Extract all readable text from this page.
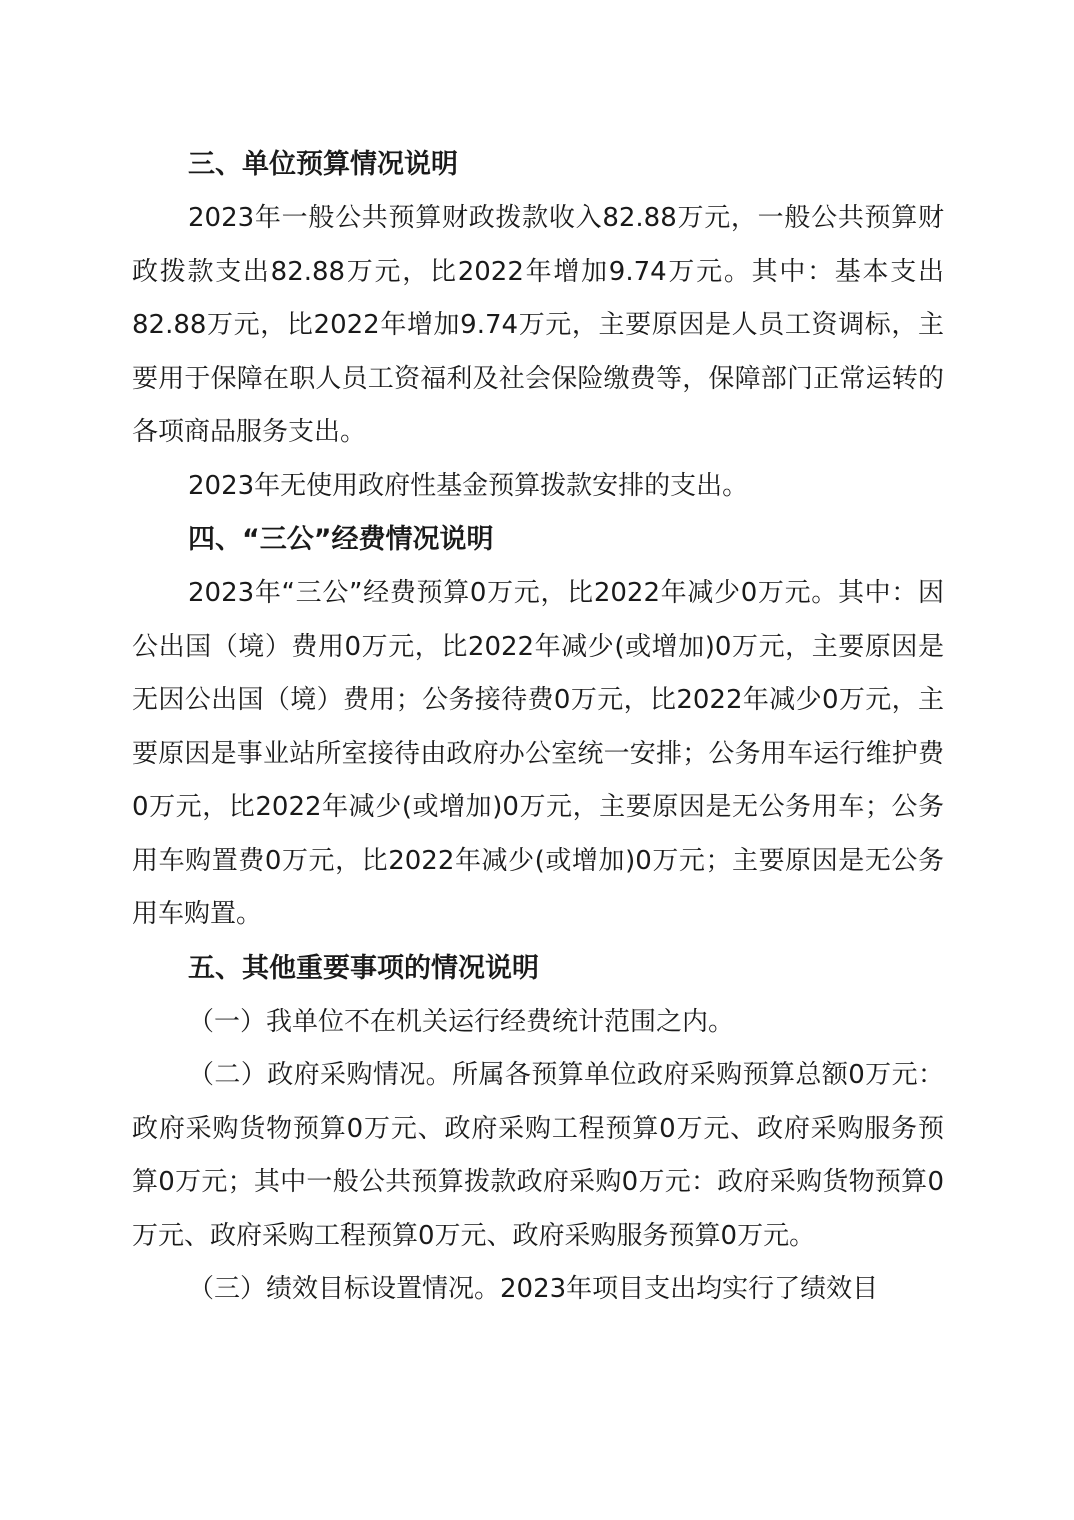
三、单位预算情况说明

2023年一般公共预算财政拨款收入82.88万元，一般公共预算财政拨款支出82.88万元，比2022年增加9.74万元。其中：基本支出82.88万元，比2022年增加9.74万元，主要原因是人员工资调标，主要用于保障在职人员工资福利及社会保险缴费等，保障部门正常运转的各项商品服务支出。

2023年无使用政府性基金预算拨款安排的支出。

四、“三公”经费情况说明

2023年“三公”经费预算0万元，比2022年减少0万元。其中：因公出国（境）费用0万元，比2022年减少(或增加)0万元，主要原因是无因公出国（境）费用；公务接待费0万元，比2022年减少0万元，主要原因是事业站所室接待由政府办公室统一安排；公务用车运行维护费0万元，比2022年减少(或增加)0万元，主要原因是无公务用车；公务用车购置费0万元，比2022年减少(或增加)0万元；主要原因是无公务用车购置。

五、其他重要事项的情况说明

（一）我单位不在机关运行经费统计范围之内。

（二）政府采购情况。所属各预算单位政府采购预算总额0万元：政府采购货物预算0万元、政府采购工程预算0万元、政府采购服务预算0万元；其中一般公共预算拨款政府采购0万元：政府采购货物预算0万元、政府采购工程预算0万元、政府采购服务预算0万元。

（三）绩效目标设置情况。2023年项目支出均实行了绩效目
